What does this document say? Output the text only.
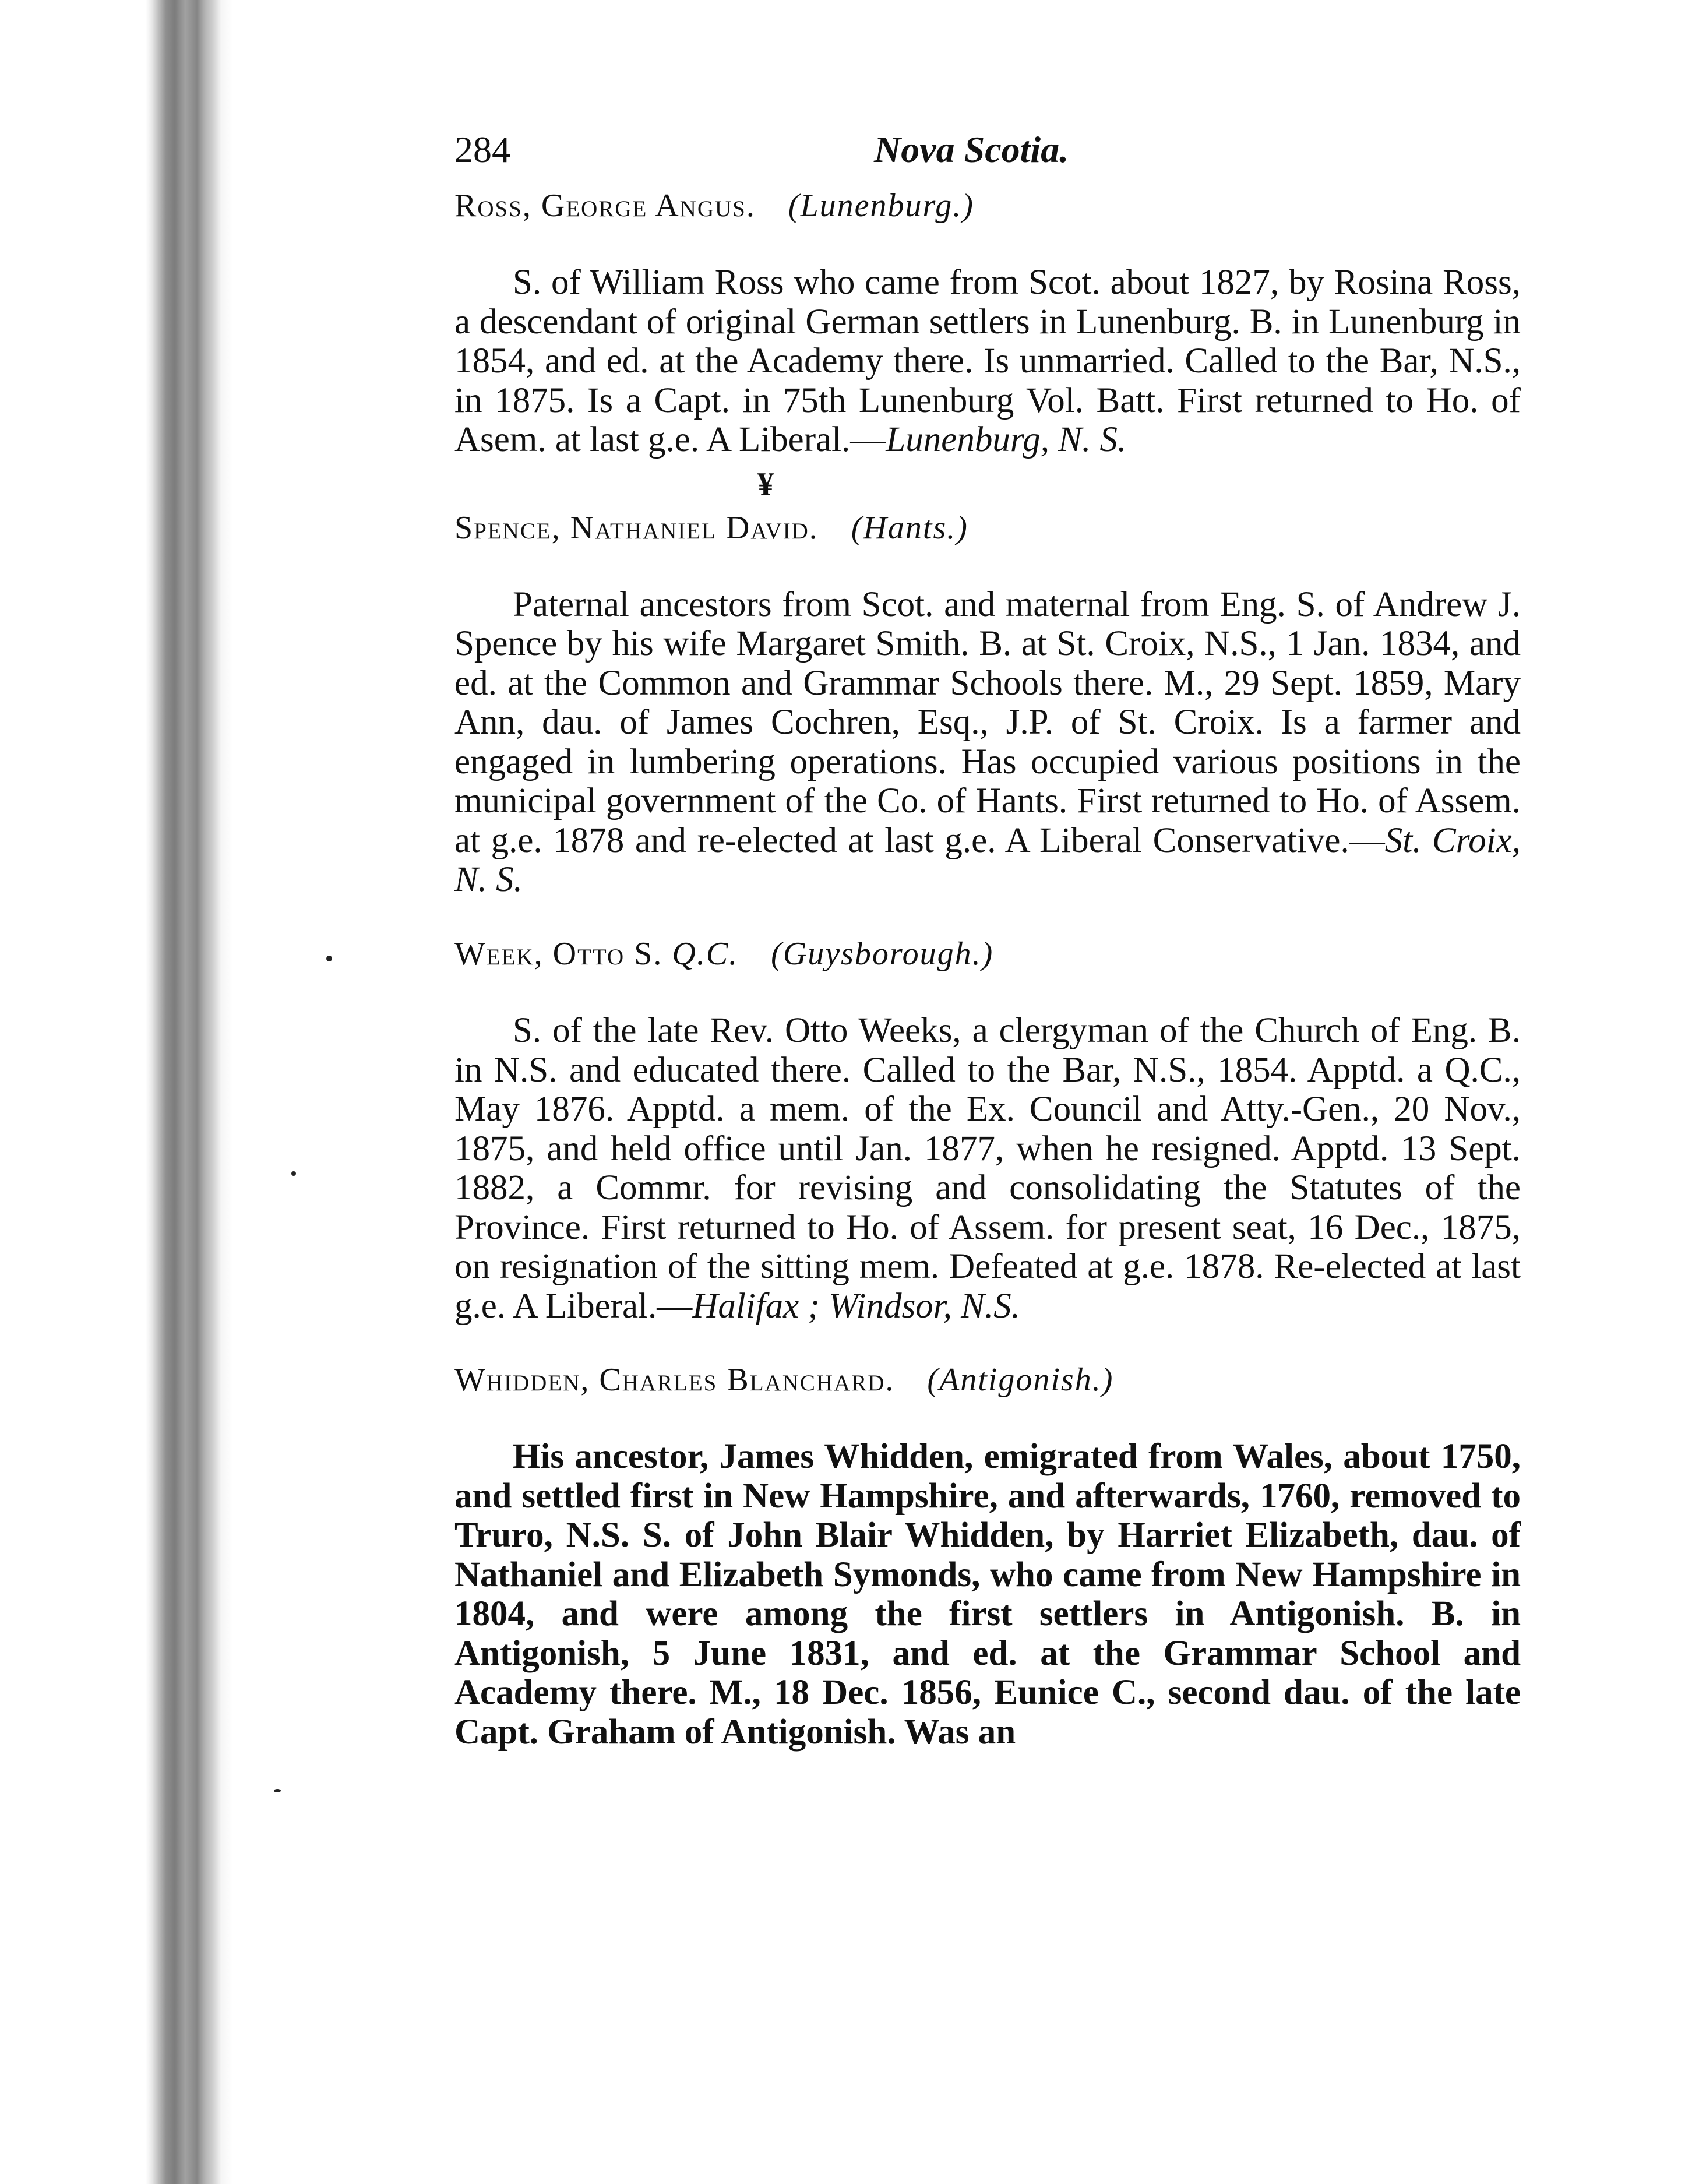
284	Nova Scotia.

Ross, George Angus. (Lunenburg.)

S. of William Ross who came from Scot. about 1827, by Rosina Ross, a descendant of original German settlers in Lunenburg. B. in Lunenburg in 1854, and ed. at the Academy there. Is unmarried. Called to the Bar, N.S., in 1875. Is a Capt. in 75th Lunenburg Vol. Batt. First returned to Ho. of Asem. at last g.e. A Liberal.—Lunenburg, N. S.

¥

Spence, Nathaniel David. (Hants.)

Paternal ancestors from Scot. and maternal from Eng. S. of Andrew J. Spence by his wife Margaret Smith. B. at St. Croix, N.S., 1 Jan. 1834, and ed. at the Common and Grammar Schools there. M., 29 Sept. 1859, Mary Ann, dau. of James Cochren, Esq., J.P. of St. Croix. Is a farmer and engaged in lumbering operations. Has occupied various positions in the municipal government of the Co. of Hants. First returned to Ho. of Assem. at g.e. 1878 and re-elected at last g.e. A Liberal Conservative.—St. Croix, N. S.

Week, Otto S. Q.C. (Guysborough.)

S. of the late Rev. Otto Weeks, a clergyman of the Church of Eng. B. in N.S. and educated there. Called to the Bar, N.S., 1854. Apptd. a Q.C., May 1876. Apptd. a mem. of the Ex. Council and Atty.-Gen., 20 Nov., 1875, and held office until Jan. 1877, when he resigned. Apptd. 13 Sept. 1882, a Commr. for revising and consolidating the Statutes of the Province. First returned to Ho. of Assem. for present seat, 16 Dec., 1875, on resignation of the sitting mem. Defeated at g.e. 1878. Re-elected at last g.e. A Liberal.—Halifax ; Windsor, N.S.

Whidden, Charles Blanchard. (Antigonish.)

His ancestor, James Whidden, emigrated from Wales, about 1750, and settled first in New Hampshire, and afterwards, 1760, removed to Truro, N.S. S. of John Blair Whidden, by Harriet Elizabeth, dau. of Nathaniel and Elizabeth Symonds, who came from New Hampshire in 1804, and were among the first settlers in Antigonish. B. in Antigonish, 5 June 1831, and ed. at the Grammar School and Academy there. M., 18 Dec. 1856, Eunice C., second dau. of the late Capt. Graham of Antigonish. Was an
